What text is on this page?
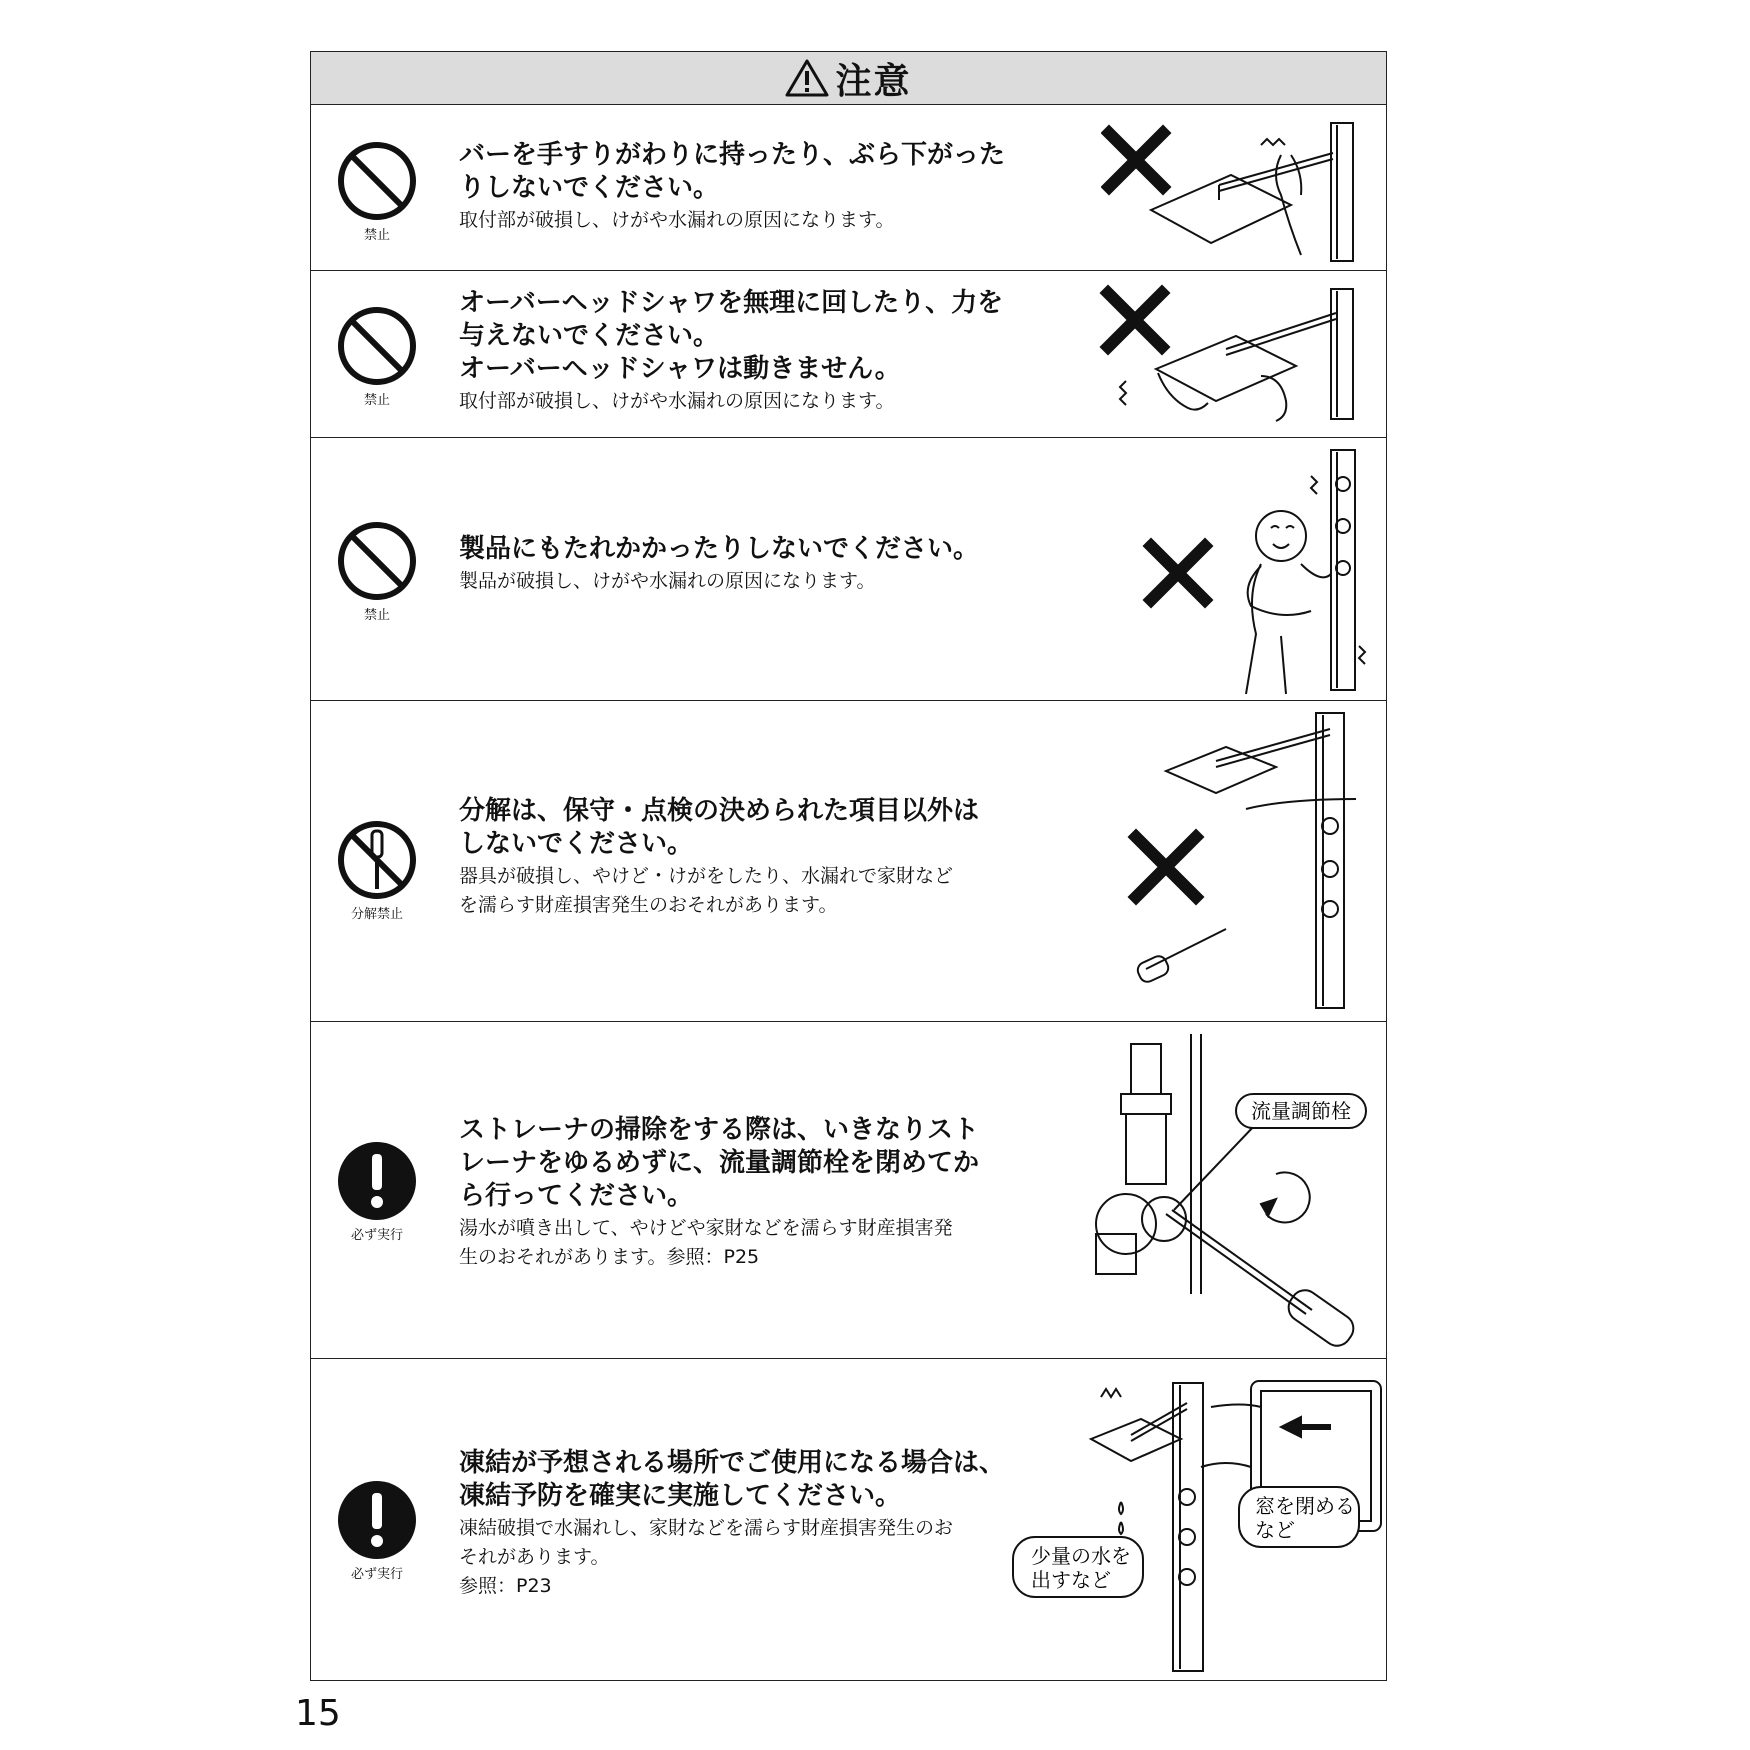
注意
禁止

バーを手すりがわりに持ったり、ぶら下がった

りしないでください。

取付部が破損し、けがや水漏れの原因になります。

禁止

オーバーヘッドシャワを無理に回したり、力を

与えないでください。

オーバーヘッドシャワは動きません。

取付部が破損し、けがや水漏れの原因になります。

禁止

製品にもたれかかったりしないでください。

製品が破損し、けがや水漏れの原因になります。

分解禁止

分解は、保守・点検の決められた項目以外は

しないでください。

器具が破損し、やけど・けがをしたり、水漏れで家財など

を濡らす財産損害発生のおそれがあります。

必ず実行

ストレーナの掃除をする際は、いきなりスト

レーナをゆるめずに、流量調節栓を閉めてか

ら行ってください。

湯水が噴き出して、やけどや家財などを濡らす財産損害発

生のおそれがあります。参照：P25

流量調節栓
必ず実行

凍結が予想される場所でご使用になる場合は、

凍結予防を確実に実施してください。

凍結破損で水漏れし、家財などを濡らす財産損害発生のお

それがあります。

参照：P23

窓を閉める
など
少量の水を
出すなど
15
